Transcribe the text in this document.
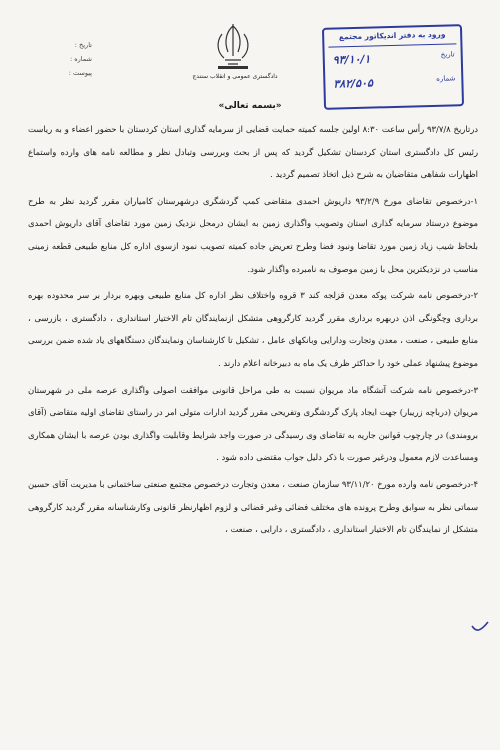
تاریخ :
شماره :
پیوست :	دادگستری عمومی و انقلاب سنندج
ورود به دفتر اندیکاتور مجتمع
تاریخ
۹۳/۱۰/۱
شماره
۳۸۲/۵۰۵
«بسمه تعالی»

درتاریخ ۹۳/۷/۸ رأس ساعت ۸:۳۰ اولین جلسه کمیته حمایت قضایی از سرمایه گذاری استان کردستان با حضور اعضاء و به ریاست رئیس کل دادگستری استان کردستان تشکیل گردید که پس از بحث وبررسی وتبادل نظر و مطالعه نامه های وارده واستماع اظهارات شفاهی متقاضیان به شرح ذیل اتخاذ تصمیم گردید .

۱-درخصوص تقاضای مورخ ۹۳/۲/۹ داریوش احمدی متقاضی کمپ گردشگری درشهرستان کامیاران مقرر گردید نظر به طرح موضوع درستاد سرمایه گذاری استان وتصویب واگذاری زمین به ایشان درمحل نزدیک زمین مورد تقاضای آقای داریوش احمدی بلحاظ شیب زیاد زمین مورد تقاضا ونبود فضا وطرح تعریض جاده کمیته تصویب نمود ازسوی اداره کل منابع طبیعی قطعه زمینی مناسب در نزدیکترین محل با زمین موصوف به نامبرده واگذار شود.

۲-درخصوص نامه شرکت پوکه معدن قزلجه کند ۳ قروه واختلاف نظر اداره کل منابع طبیعی وبهره بردار بر سر محدوده بهره برداری وچگونگی اذن دربهره برداری مقرر گردید کارگروهی متشکل ازنمایندگان تام الاختیار استانداری ، دادگستری ، بازرسی ، منابع طبیعی ، صنعت ، معدن وتجارت ودارایی وبانکهای عامل ، تشکیل تا کارشناسان ونمایندگان دستگاههای یاد شده ضمن بررسی موضوع پیشنهاد عملی خود را حداکثر ظرف یک ماه به دبیرخانه اعلام دارند .

۳-درخصوص نامه شرکت آتشگاه ماد مریوان نسبت به طی مراحل قانونی موافقت اصولی واگذاری عرصه ملی در شهرستان مریوان (درباچه زریبار) جهت ایجاد پارک گردشگری وتفریحی مقرر گردید ادارات متولی امر در راستای تقاضای اولیه متقاضی (آقای برومندی) در چارچوب قوانین جاریه به تقاضای وی رسیدگی در صورت واجد شرایط وقابلیت واگذاری بودن عرصه با ایشان همکاری ومساعدت لازم معمول ودرغیر صورت با ذکر دلیل جواب مقتضی داده شود .

۴-درخصوص نامه وارده مورخ ۹۳/۱۱/۲۰ سازمان صنعت ، معدن وتجارت درخصوص مجتمع صنعتی ساختمانی با مدیریت آقای حسین سماتی نظر به سوابق وطرح پرونده های مختلف فضائی وغیر قضائی و لزوم اظهارنظر قانونی وکارشناسانه مقرر گردید کارگروهی متشکل از نمایندگان تام الاختیار استانداری ، دادگستری ، دارایی ، صنعت ،
